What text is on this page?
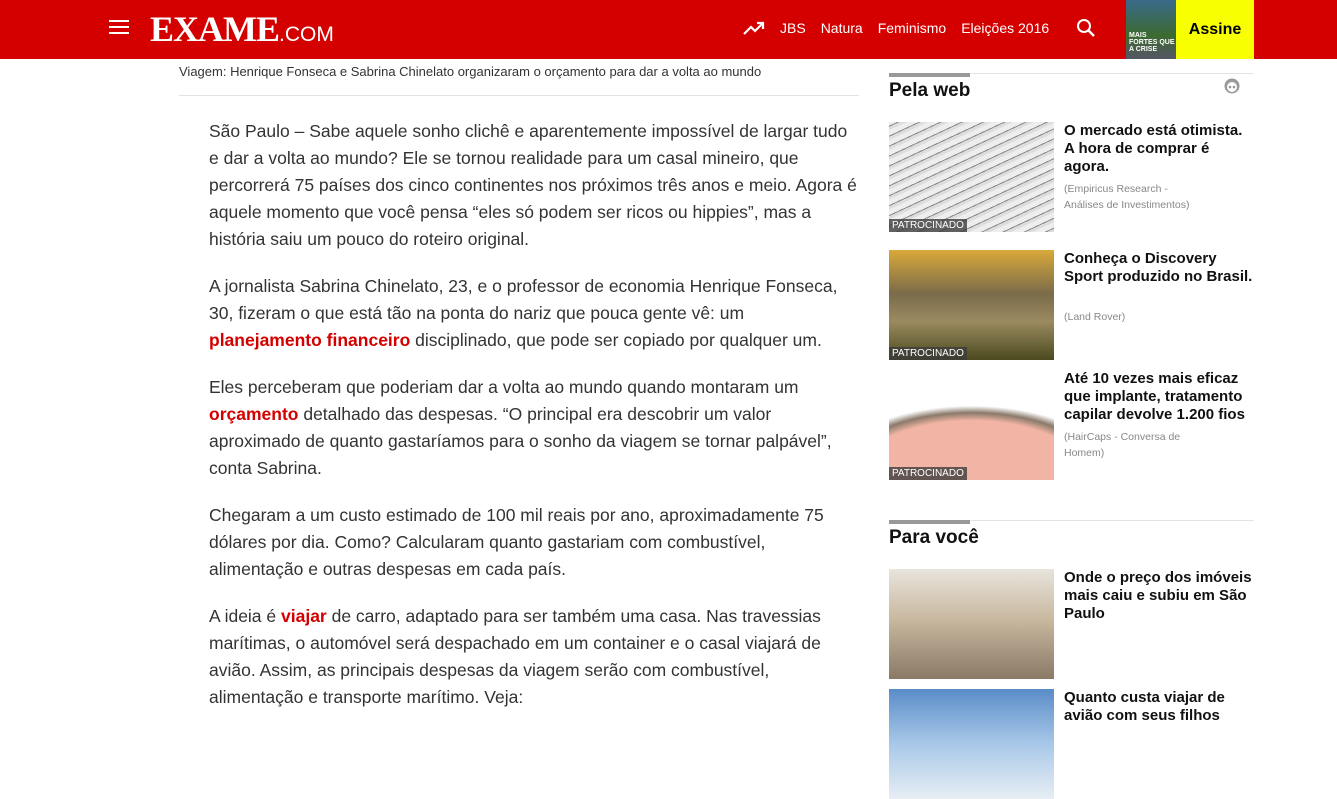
EXAME.COM	JBS Natura Feminismo Eleições 2016	MAIS FORTES QUE A CRISE
Assine
Viagem: Henrique Fonseca e Sabrina Chinelato organizaram o orçamento para dar a volta ao mundo

São Paulo – Sabe aquele sonho clichê e aparentemente impossível de largar tudo e dar a volta ao mundo? Ele se tornou realidade para um casal mineiro, que percorrerá 75 países dos cinco continentes nos próximos três anos e meio. Agora é aquele momento que você pensa “eles só podem ser ricos ou hippies”, mas a história saiu um pouco do roteiro original.

A jornalista Sabrina Chinelato, 23, e o professor de economia Henrique Fonseca, 30, fizeram o que está tão na ponta do nariz que pouca gente vê: um planejamento financeiro disciplinado, que pode ser copiado por qualquer um.

Eles perceberam que poderiam dar a volta ao mundo quando montaram um orçamento detalhado das despesas. “O principal era descobrir um valor aproximado de quanto gastaríamos para o sonho da viagem se tornar palpável”, conta Sabrina.

Chegaram a um custo estimado de 100 mil reais por ano, aproximadamente 75 dólares por dia. Como? Calcularam quanto gastariam com combustível, alimentação e outras despesas em cada país.

A ideia é viajar de carro, adaptado para ser também uma casa. Nas travessias marítimas, o automóvel será despachado em um container e o casal viajará de avião. Assim, as principais despesas da viagem serão com combustível, alimentação e transporte marítimo. Veja:

Pela web
PATROCINADO
O mercado está otimista. A hora de comprar é agora.
(Empiricus Research - Análises de Investimentos)
PATROCINADO
Conheça o Discovery Sport produzido no Brasil.
(Land Rover)
PATROCINADO
Até 10 vezes mais eficaz que implante, tratamento capilar devolve 1.200 fios
(HairCaps - Conversa de Homem)
Para você
Onde o preço dos imóveis mais caiu e subiu em São Paulo
Quanto custa viajar de avião com seus filhos
